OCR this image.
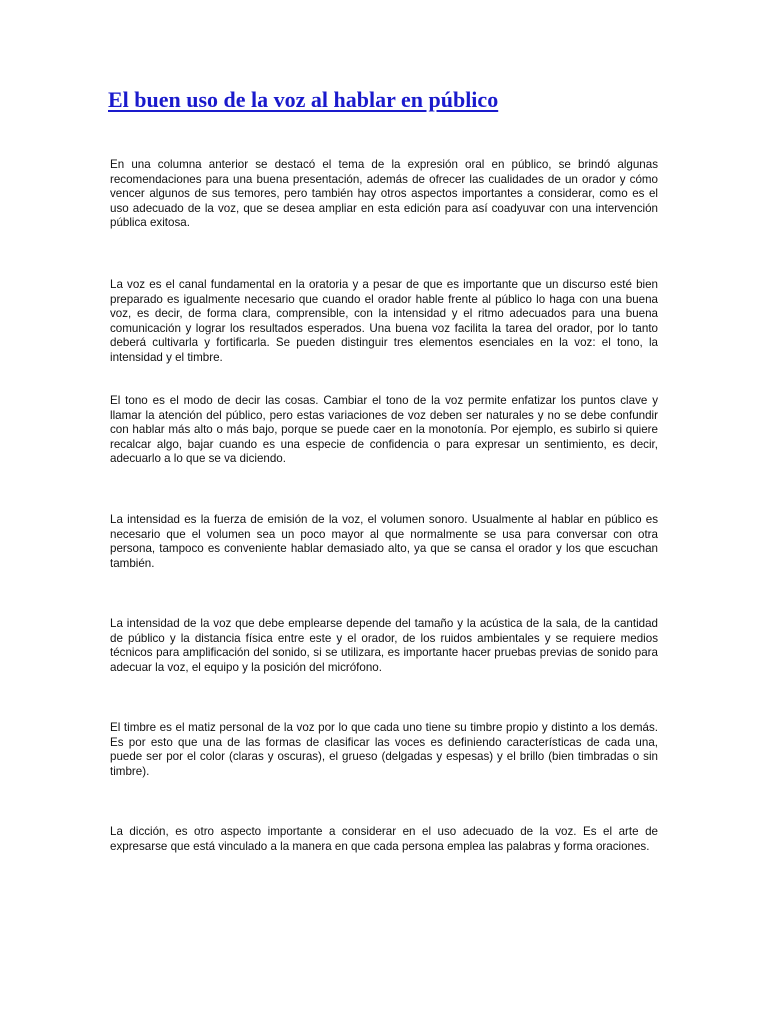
El buen uso de la voz al hablar en público

En una columna anterior se destacó el tema de la expresión oral en público, se brindó algunas recomendaciones para una buena presentación, además de ofrecer las cualidades de un orador y cómo vencer algunos de sus temores, pero también hay otros aspectos importantes a considerar, como es el uso adecuado de la voz, que se desea ampliar en esta edición para así coadyuvar con una intervención pública exitosa.

La voz es el canal fundamental en la oratoria y a pesar de que es importante que un discurso esté bien preparado es igualmente necesario que cuando el orador hable frente al público lo haga con una buena voz, es decir, de forma clara, comprensible, con la intensidad y el ritmo adecuados para una buena comunicación y lograr los resultados esperados. Una buena voz facilita la tarea del orador, por lo tanto deberá cultivarla y fortificarla. Se pueden distinguir tres elementos esenciales en la voz: el tono, la intensidad y el timbre.

El tono es el modo de decir las cosas. Cambiar el tono de la voz permite enfatizar los puntos clave y llamar la atención del público, pero estas variaciones de voz deben ser naturales y no se debe confundir con hablar más alto o más bajo, porque se puede caer en la monotonía. Por ejemplo, es subirlo si quiere recalcar algo, bajar cuando es una especie de confidencia o para expresar un sentimiento, es decir, adecuarlo a lo que se va diciendo.

La intensidad es la fuerza de emisión de la voz, el volumen sonoro. Usualmente al hablar en público es necesario que el volumen sea un poco mayor al que normalmente se usa para conversar con otra persona, tampoco es conveniente hablar demasiado alto, ya que se cansa el orador y los que escuchan también.

La intensidad de la voz que debe emplearse depende del tamaño y la acústica de la sala, de la cantidad de público y la distancia física entre este y el orador, de los ruidos ambientales y se requiere medios técnicos para amplificación del sonido, si se utilizara, es importante hacer pruebas previas de sonido para adecuar la voz, el equipo y la posición del micrófono.

El timbre es el matiz personal de la voz por lo que cada uno tiene su timbre propio y distinto a los demás. Es por esto que una de las formas de clasificar las voces es definiendo características de cada una, puede ser por el color (claras y oscuras), el grueso (delgadas y espesas) y el brillo (bien timbradas o sin timbre).

La dicción, es otro aspecto importante a considerar en el uso adecuado de la voz. Es el arte de expresarse que está vinculado a la manera en que cada persona emplea las palabras y forma oraciones.
